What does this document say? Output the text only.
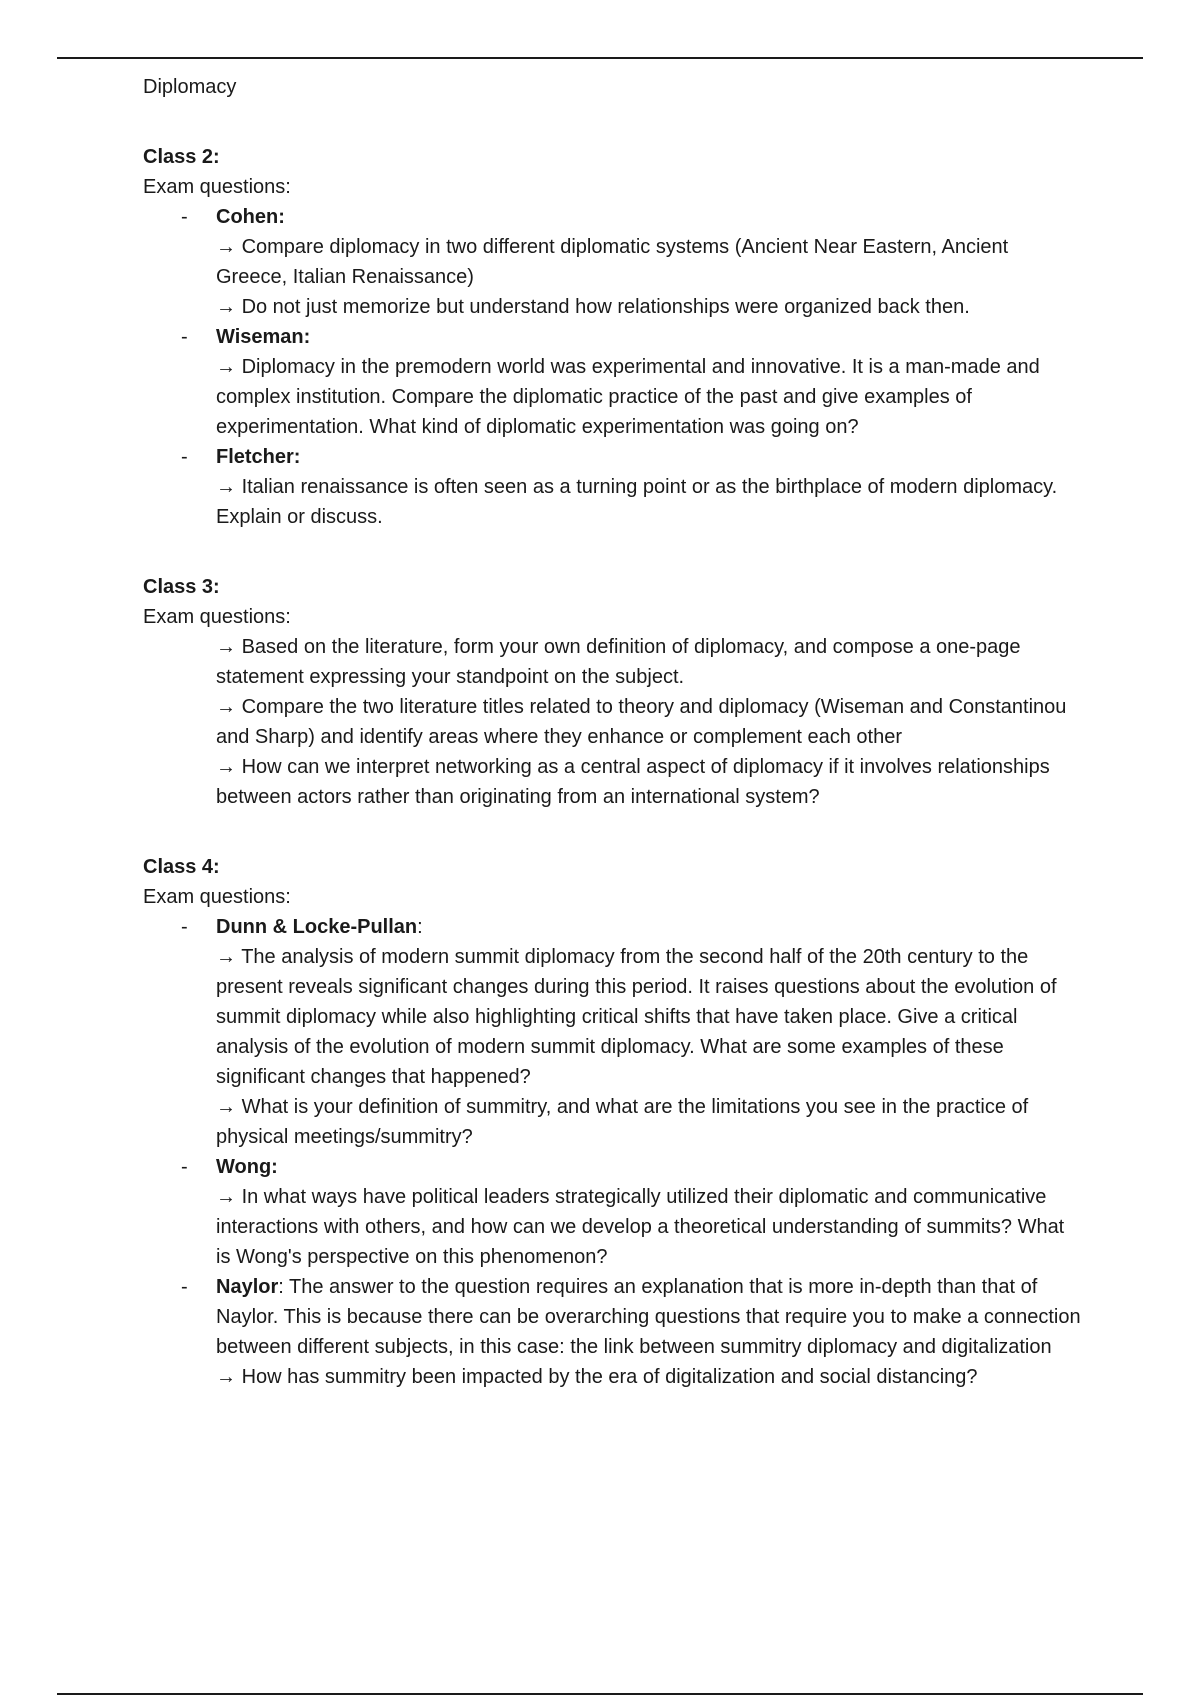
Diplomacy

Class 2:

Exam questions:

- Cohen:

→ Compare diplomacy in two different diplomatic systems (Ancient Near Eastern, Ancient Greece, Italian Renaissance)

→ Do not just memorize but understand how relationships were organized back then.

- Wiseman:

→ Diplomacy in the premodern world was experimental and innovative. It is a man-made and complex institution. Compare the diplomatic practice of the past and give examples of experimentation. What kind of diplomatic experimentation was going on?

- Fletcher:

→ Italian renaissance is often seen as a turning point or as the birthplace of modern diplomacy. Explain or discuss.

Class 3:

Exam questions:

→ Based on the literature, form your own definition of diplomacy, and compose a one-page statement expressing your standpoint on the subject.

→ Compare the two literature titles related to theory and diplomacy (Wiseman and Constantinou and Sharp) and identify areas where they enhance or complement each other

→ How can we interpret networking as a central aspect of diplomacy if it involves relationships between actors rather than originating from an international system?

Class 4:

Exam questions:

- Dunn & Locke-Pullan:

→ The analysis of modern summit diplomacy from the second half of the 20th century to the present reveals significant changes during this period. It raises questions about the evolution of summit diplomacy while also highlighting critical shifts that have taken place. Give a critical analysis of the evolution of modern summit diplomacy. What are some examples of these significant changes that happened?

→ What is your definition of summitry, and what are the limitations you see in the practice of physical meetings/summitry?

- Wong:

→ In what ways have political leaders strategically utilized their diplomatic and communicative interactions with others, and how can we develop a theoretical understanding of summits? What is Wong's perspective on this phenomenon?

- Naylor: The answer to the question requires an explanation that is more in-depth than that of Naylor. This is because there can be overarching questions that require you to make a connection between different subjects, in this case: the link between summitry diplomacy and digitalization

→ How has summitry been impacted by the era of digitalization and social distancing?
